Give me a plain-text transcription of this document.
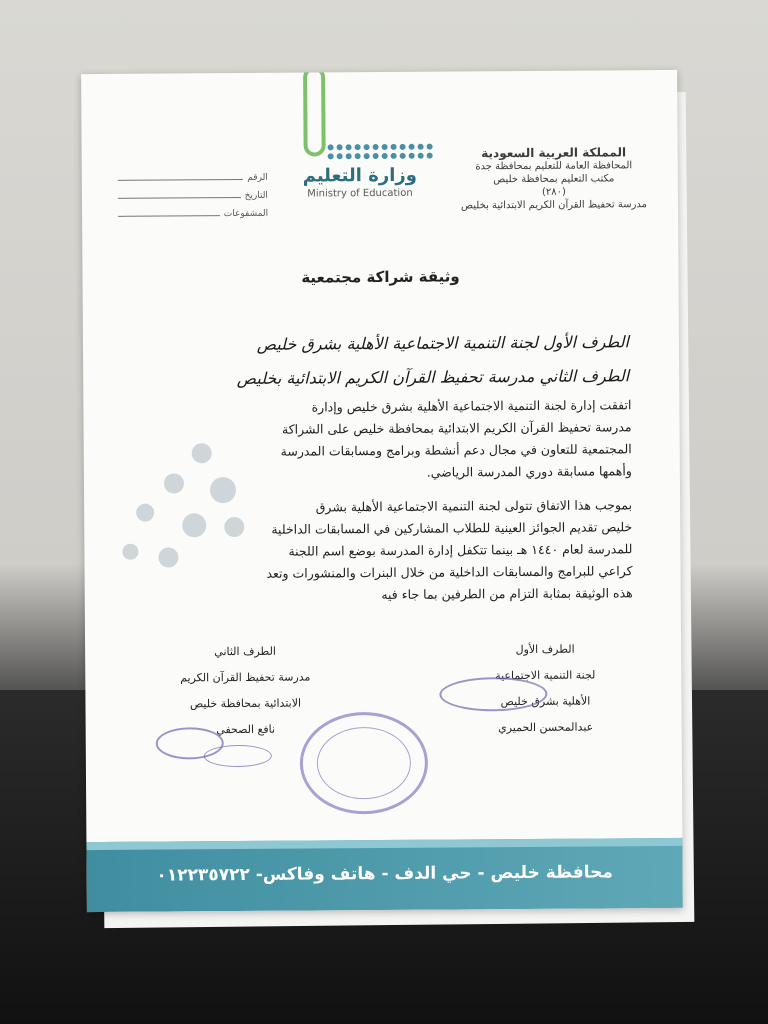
المملكة العربية السعودية
المحافظة العامة للتعليم بمحافظة جدة
مكتب التعليم بمحافظة خليص
(٢٨٠)
مدرسة تحفيظ القرآن الكريم الابتدائية بخليص
وزارة التعليم
Ministry of Education
الرقم
التاريخ
المشفوعات
وثيقة شراكة مجتمعية
الطرف الأول لجنة التنمية الاجتماعية الأهلية بشرق خليص
الطرف الثاني مدرسة تحفيظ القرآن الكريم الابتدائية بخليص
اتفقت إدارة لجنة التنمية الاجتماعية الأهلية بشرق خليص وإدارة
مدرسة تحفيظ القرآن الكريم الابتدائية بمحافظة خليص على الشراكة
المجتمعية للتعاون في مجال دعم أنشطة وبرامج ومسابقات المدرسة
وأهمها مسابقة دوري المدرسة الرياضي.
بموجب هذا الاتفاق تتولى لجنة التنمية الاجتماعية الأهلية بشرق
خليص تقديم الجوائز العينية للطلاب المشاركين في المسابقات الداخلية
للمدرسة لعام ١٤٤٠ هـ بينما تتكفل إدارة المدرسة بوضع اسم اللجنة
كراعي للبرامج والمسابقات الداخلية من خلال البنرات والمنشورات وتعد
هذه الوثيقة بمثابة التزام من الطرفين بما جاء فيه
الطرف الثاني
مدرسة تحفيظ القرآن الكريم
الابتدائية بمحافظة خليص
نافع الصحفي
الطرف الأول
لجنة التنمية الاجتماعية
الأهلية بشرق خليص
عبدالمحسن الحميري
محافظة خليص - حي الدف - هاتف وفاكس- ٠١٢٢٣٥٧٢٢
